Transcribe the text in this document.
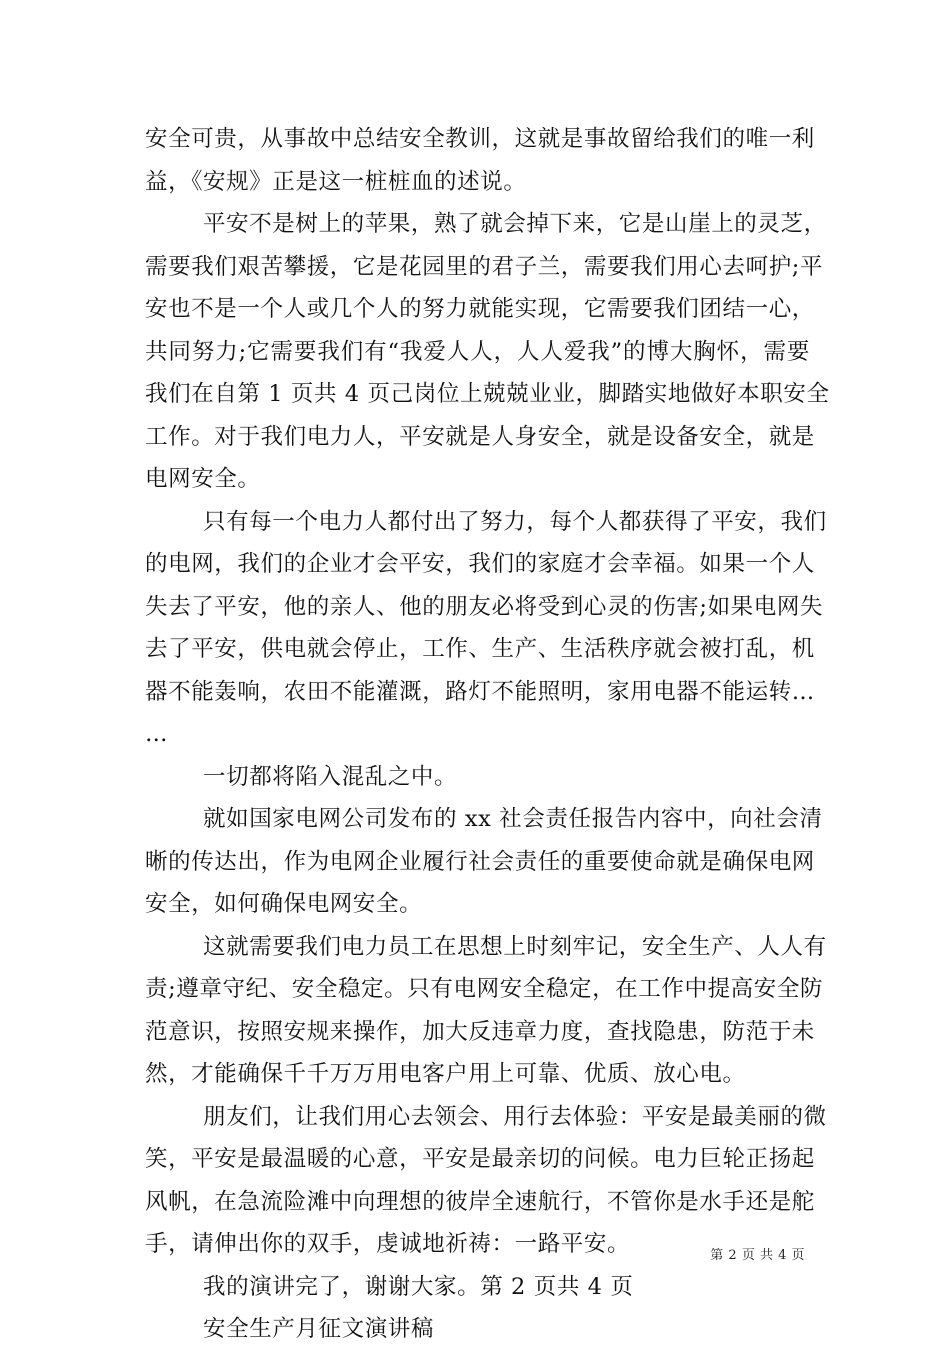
安全可贵，从事故中总结安全教训，这就是事故留给我们的唯一利
益，《安规》正是这一桩桩血的述说。
平安不是树上的苹果，熟了就会掉下来，它是山崖上的灵芝，
需要我们艰苦攀援，它是花园里的君子兰，需要我们用心去呵护;平
安也不是一个人或几个人的努力就能实现，它需要我们团结一心，
共同努力;它需要我们有“我爱人人，人人爱我”的博大胸怀，需要
我们在自第 1 页共 4 页己岗位上兢兢业业，脚踏实地做好本职安全
工作。对于我们电力人，平安就是人身安全，就是设备安全，就是
电网安全。
只有每一个电力人都付出了努力，每个人都获得了平安，我们
的电网，我们的企业才会平安，我们的家庭才会幸福。如果一个人
失去了平安，他的亲人、他的朋友必将受到心灵的伤害;如果电网失
去了平安，供电就会停止，工作、生产、生活秩序就会被打乱，机
器不能轰响，农田不能灌溉，路灯不能照明，家用电器不能运转…
…
一切都将陷入混乱之中。
就如国家电网公司发布的 xx 社会责任报告内容中，向社会清
晰的传达出，作为电网企业履行社会责任的重要使命就是确保电网
安全，如何确保电网安全。
这就需要我们电力员工在思想上时刻牢记，安全生产、人人有
责;遵章守纪、安全稳定。只有电网安全稳定，在工作中提高安全防
范意识，按照安规来操作，加大反违章力度，查找隐患，防范于未
然，才能确保千千万万用电客户用上可靠、优质、放心电。
朋友们，让我们用心去领会、用行去体验：平安是最美丽的微
笑，平安是最温暖的心意，平安是最亲切的问候。电力巨轮正扬起
风帆，在急流险滩中向理想的彼岸全速航行，不管你是水手还是舵
手，请伸出你的双手，虔诚地祈祷：一路平安。
我的演讲完了，谢谢大家。第 2 页共 4 页
安全生产月征文演讲稿
第 2 页 共 4 页
